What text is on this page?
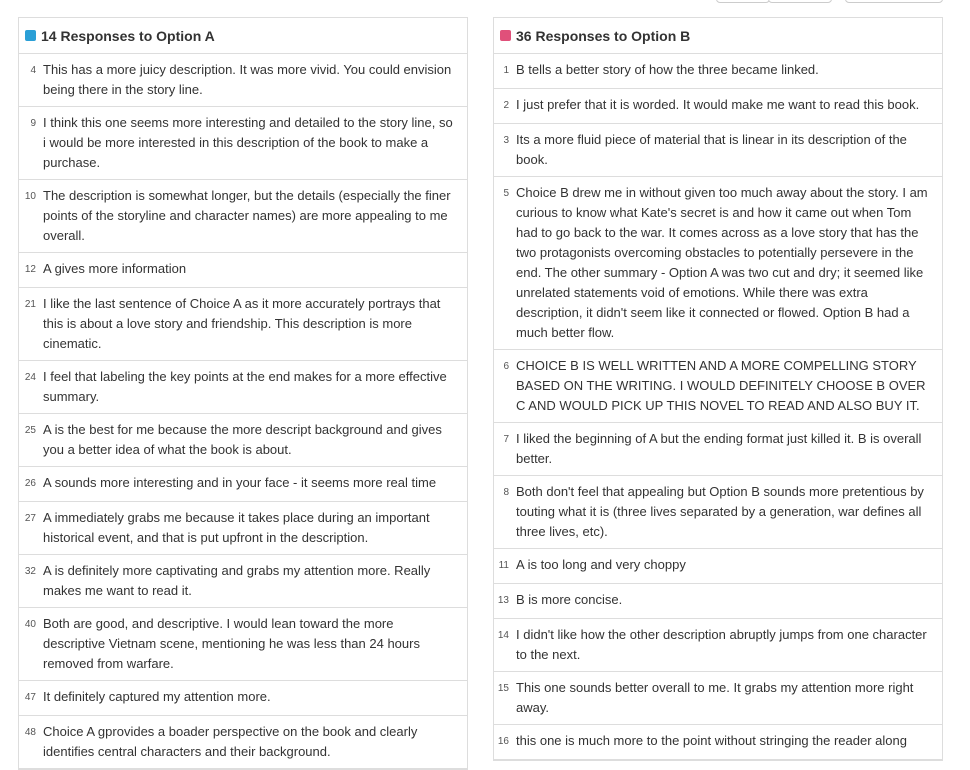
14 Responses to Option A
4 This has a more juicy description. It was more vivid. You could envision being there in the story line.
9 I think this one seems more interesting and detailed to the story line, so i would be more interested in this description of the book to make a purchase.
10 The description is somewhat longer, but the details (especially the finer points of the storyline and character names) are more appealing to me overall.
12 A gives more information
21 I like the last sentence of Choice A as it more accurately portrays that this is about a love story and friendship. This description is more cinematic.
24 I feel that labeling the key points at the end makes for a more effective summary.
25 A is the best for me because the more descript background and gives you a better idea of what the book is about.
26 A sounds more interesting and in your face - it seems more real time
27 A immediately grabs me because it takes place during an important historical event, and that is put upfront in the description.
32 A is definitely more captivating and grabs my attention more. Really makes me want to read it.
40 Both are good, and descriptive. I would lean toward the more descriptive Vietnam scene, mentioning he was less than 24 hours removed from warfare.
47 It definitely captured my attention more.
48 Choice A gprovides a boader perspective on the book and clearly identifies central characters and their background.
36 Responses to Option B
1 B tells a better story of how the three became linked.
2 I just prefer that it is worded. It would make me want to read this book.
3 Its a more fluid piece of material that is linear in its description of the book.
5 Choice B drew me in without given too much away about the story. I am curious to know what Kate's secret is and how it came out when Tom had to go back to the war. It comes across as a love story that has the two protagonists overcoming obstacles to potentially persevere in the end. The other summary - Option A was two cut and dry; it seemed like unrelated statements void of emotions. While there was extra description, it didn't seem like it connected or flowed. Option B had a much better flow.
6 CHOICE B IS WELL WRITTEN AND A MORE COMPELLING STORY BASED ON THE WRITING. I WOULD DEFINITELY CHOOSE B OVER C AND WOULD PICK UP THIS NOVEL TO READ AND ALSO BUY IT.
7 I liked the beginning of A but the ending format just killed it. B is overall better.
8 Both don't feel that appealing but Option B sounds more pretentious by touting what it is (three lives separated by a generation, war defines all three lives, etc).
11 A is too long and very choppy
13 B is more concise.
14 I didn't like how the other description abruptly jumps from one character to the next.
15 This one sounds better overall to me. It grabs my attention more right away.
16 this one is much more to the point without stringing the reader along
